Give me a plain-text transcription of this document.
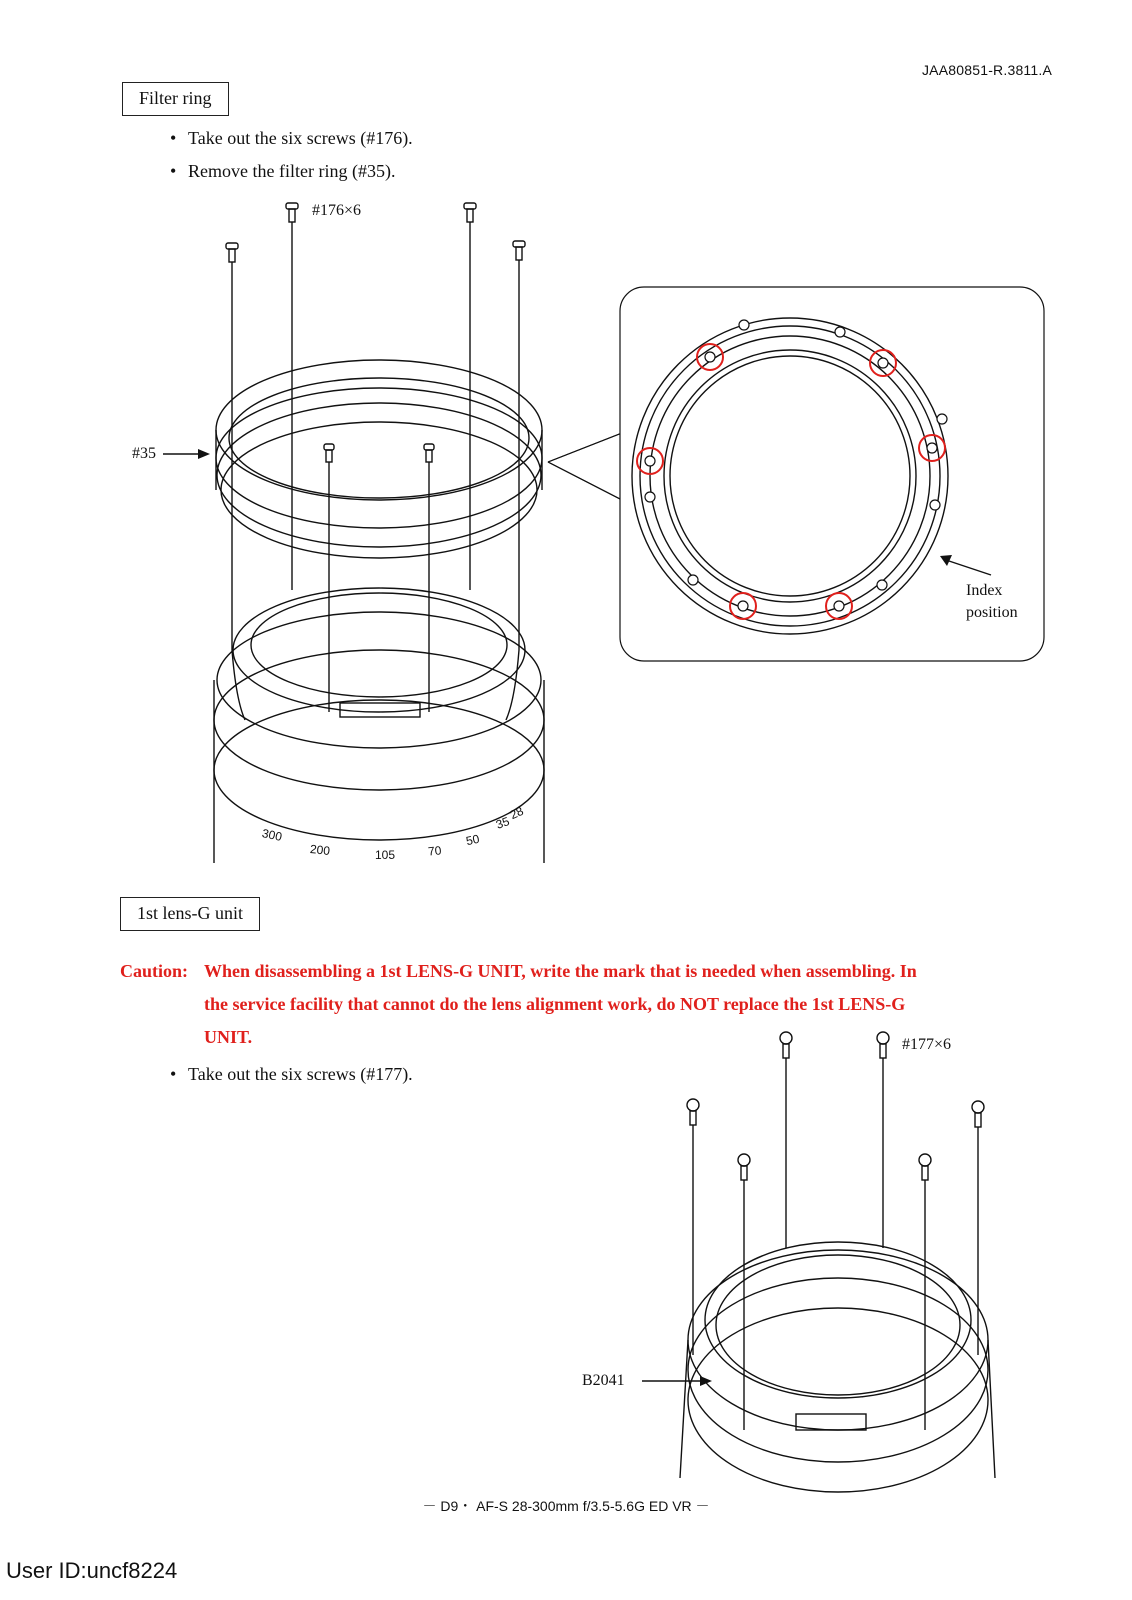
JAA80851-R.3811.A
Filter ring
• Take out the six screws (#176).
• Remove the filter ring (#35).
#176×6
#35
Index
position
300
200	105	70
50
35
28
1st lens-G unit
Caution: When disassembling a 1st LENS-G UNIT, write the mark that is needed when assembling. In
the service facility that cannot do the lens alignment work, do NOT replace the 1st LENS-G
UNIT.
• Take out the six screws (#177).
#177×6
B2041
－ D9・ AF-S 28-300mm f/3.5-5.6G ED VR －
User ID:uncf8224
